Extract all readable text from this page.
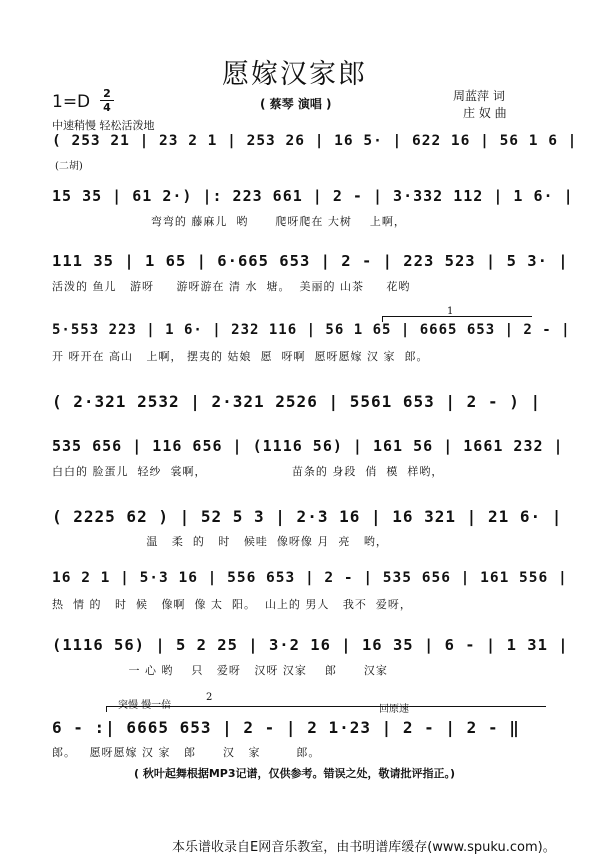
愿嫁汉家郎
1=D 2
4	( 蔡琴 演唱 )
周蓝萍 词
庄 奴 曲
中速稍慢 轻松活泼地
1
突慢 慢一倍
2
回原速
( 253 21 | 23 2 1 | 253 26 | 16 5· | 622 16 | 56 1 6 |
(二胡)
15 35 | 61 2·) |: 223 661 | 2 - | 3·332 112 | 1 6· |
弯弯的 藤麻儿  哟      爬呀爬在 大树    上啊，
111 35 | 1 65 | 6·665 653 | 2 - | 223 523 | 5 3· |
活泼的 鱼儿   游呀     游呀游在 清 水  塘。  美丽的 山茶     花哟
5·553 223 | 1 6· | 232 116 | 56 1 65 | 6665 653 | 2 - |
开 呀开在 高山   上啊， 摆夷的 姑娘  愿  呀啊  愿呀愿嫁 汉 家  郎。
( 2·321 2532 | 2·321 2526 | 5561 653 | 2 - ) |
535 656 | 116 656 | (1116 56) | 161 56 | 1661 232 |
白白的 脸蛋儿  轻纱  裳啊，                   苗条的 身段  俏  模  样哟，
( 2225 62 ) | 52 5 3 | 2·3 16 | 16 321 | 21 6· |
温   柔  的   时   候哇  像呀像 月  亮   哟，
16 2 1 | 5·3 16 | 556 653 | 2 - | 535 656 | 161 556 |
热  情 的   时  候   像啊  像 太  阳。  山上的 男人   我不  爱呀，
(1116 56) | 5 2 25 | 3·2 16 | 16 35 | 6 - | 1 31 |
一 心 哟    只   爱呀   汉呀 汉家    郎      汉家
6 - :| 6665 653 | 2 - | 2 1·23 | 2 - | 2 - ‖
郎。   愿呀愿嫁 汉 家   郎      汉   家        郎。
( 秋叶起舞根据MP3记谱，仅供参考。错误之处，敬请批评指正。)
本乐谱收录自E网音乐教室，由书明谱库缓存(www.spuku.com)。
